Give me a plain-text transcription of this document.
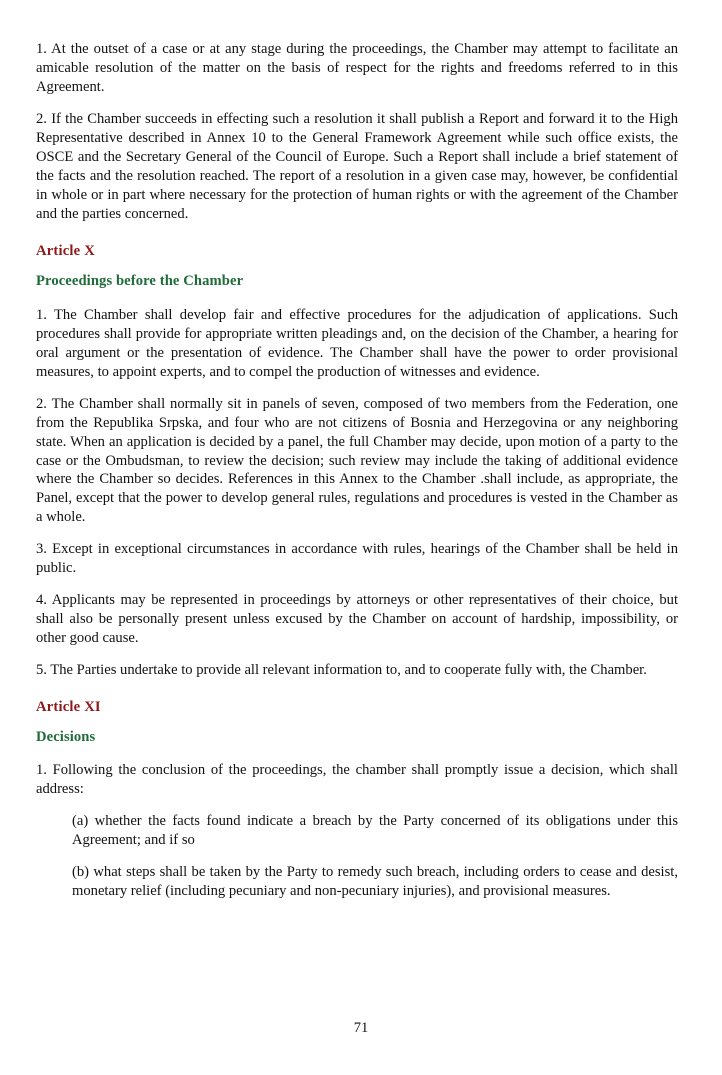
1. At the outset of a case or at any stage during the proceedings, the Chamber may attempt to facilitate an amicable resolution of the matter on the basis of respect for the rights and freedoms referred to in this Agreement.

2. If the Chamber succeeds in effecting such a resolution it shall publish a Report and forward it to the High Representative described in Annex 10 to the General Framework Agreement while such office exists, the OSCE and the Secretary General of the Council of Europe. Such a Report shall include a brief statement of the facts and the resolution reached. The report of a resolution in a given case may, however, be confidential in whole or in part where necessary for the protection of human rights or with the agreement of the Chamber and the parties concerned.

Article X
Proceedings before the Chamber

1. The Chamber shall develop fair and effective procedures for the adjudication of applications. Such procedures shall provide for appropriate written pleadings and, on the decision of the Chamber, a hearing for oral argument or the presentation of evidence. The Chamber shall have the power to order provisional measures, to appoint experts, and to compel the production of witnesses and evidence.

2. The Chamber shall normally sit in panels of seven, composed of two members from the Federation, one from the Republika Srpska, and four who are not citizens of Bosnia and Herzegovina or any neighboring state. When an application is decided by a panel, the full Chamber may decide, upon motion of a party to the case or the Ombudsman, to review the decision; such review may include the taking of additional evidence where the Chamber so decides. References in this Annex to the Chamber .shall include, as appropriate, the Panel, except that the power to develop general rules, regulations and procedures is vested in the Chamber as a whole.

3. Except in exceptional circumstances in accordance with rules, hearings of the Chamber shall be held in public.

4. Applicants may be represented in proceedings by attorneys or other representatives of their choice, but shall also be personally present unless excused by the Chamber on account of hardship, impossibility, or other good cause.

5. The Parties undertake to provide all relevant information to, and to cooperate fully with, the Chamber.

Article XI
Decisions

1. Following the conclusion of the proceedings, the chamber shall promptly issue a decision, which shall address:

(a) whether the facts found indicate a breach by the Party concerned of its obligations under this Agreement; and if so

(b) what steps shall be taken by the Party to remedy such breach, including orders to cease and desist, monetary relief (including pecuniary and non-pecuniary injuries), and provisional measures.

71
